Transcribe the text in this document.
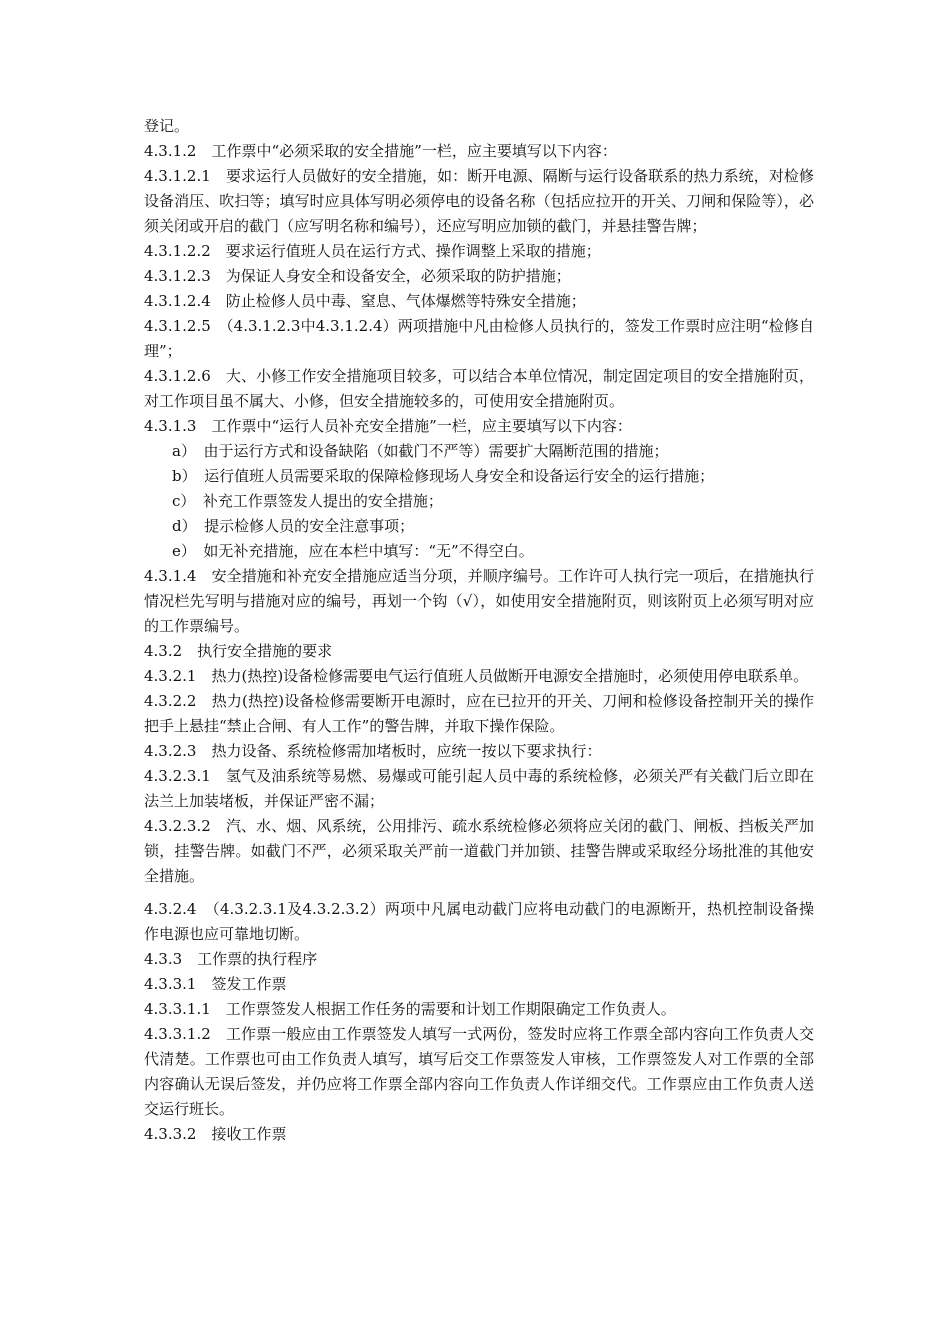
登记。

4.3.1.2　工作票中“必须采取的安全措施”一栏，应主要填写以下内容：

4.3.1.2.1　要求运行人员做好的安全措施，如：断开电源、隔断与运行设备联系的热力系统，对检修设备消压、吹扫等；填写时应具体写明必须停电的设备名称（包括应拉开的开关、刀闸和保险等），必须关闭或开启的截门（应写明名称和编号），还应写明应加锁的截门，并悬挂警告牌；

4.3.1.2.2　要求运行值班人员在运行方式、操作调整上采取的措施；

4.3.1.2.3　为保证人身安全和设备安全，必须采取的防护措施；

4.3.1.2.4　防止检修人员中毒、窒息、气体爆燃等特殊安全措施；

4.3.1.2.5　（4.3.1.2.3中4.3.1.2.4）两项措施中凡由检修人员执行的，签发工作票时应注明“检修自理”；

4.3.1.2.6　大、小修工作安全措施项目较多，可以结合本单位情况，制定固定项目的安全措施附页，对工作项目虽不属大、小修，但安全措施较多的，可使用安全措施附页。

4.3.1.3　工作票中“运行人员补充安全措施”一栏，应主要填写以下内容：

a）　由于运行方式和设备缺陷（如截门不严等）需要扩大隔断范围的措施；

b）　运行值班人员需要采取的保障检修现场人身安全和设备运行安全的运行措施；

c）　补充工作票签发人提出的安全措施；

d）　提示检修人员的安全注意事项；

e）　如无补充措施，应在本栏中填写：“无”不得空白。

4.3.1.4　安全措施和补充安全措施应适当分项，并顺序编号。工作许可人执行完一项后，在措施执行情况栏先写明与措施对应的编号，再划一个钩（√），如使用安全措施附页，则该附页上必须写明对应的工作票编号。

4.3.2　执行安全措施的要求

4.3.2.1　热力(热控)设备检修需要电气运行值班人员做断开电源安全措施时，必须使用停电联系单。

4.3.2.2　热力(热控)设备检修需要断开电源时，应在已拉开的开关、刀闸和检修设备控制开关的操作把手上悬挂“禁止合闸、有人工作”的警告牌，并取下操作保险。

4.3.2.3　热力设备、系统检修需加堵板时，应统一按以下要求执行：

4.3.2.3.1　氢气及油系统等易燃、易爆或可能引起人员中毒的系统检修，必须关严有关截门后立即在法兰上加装堵板，并保证严密不漏；

4.3.2.3.2　汽、水、烟、风系统，公用排污、疏水系统检修必须将应关闭的截门、闸板、挡板关严加锁，挂警告牌。如截门不严，必须采取关严前一道截门并加锁、挂警告牌或采取经分场批准的其他安全措施。

4.3.2.4　（4.3.2.3.1及4.3.2.3.2）两项中凡属电动截门应将电动截门的电源断开，热机控制设备操作电源也应可靠地切断。

4.3.3　工作票的执行程序

4.3.3.1　签发工作票

4.3.3.1.1　工作票签发人根据工作任务的需要和计划工作期限确定工作负责人。

4.3.3.1.2　工作票一般应由工作票签发人填写一式两份，签发时应将工作票全部内容向工作负责人交代清楚。工作票也可由工作负责人填写，填写后交工作票签发人审核，工作票签发人对工作票的全部内容确认无误后签发，并仍应将工作票全部内容向工作负责人作详细交代。工作票应由工作负责人送交运行班长。

4.3.3.2　接收工作票
